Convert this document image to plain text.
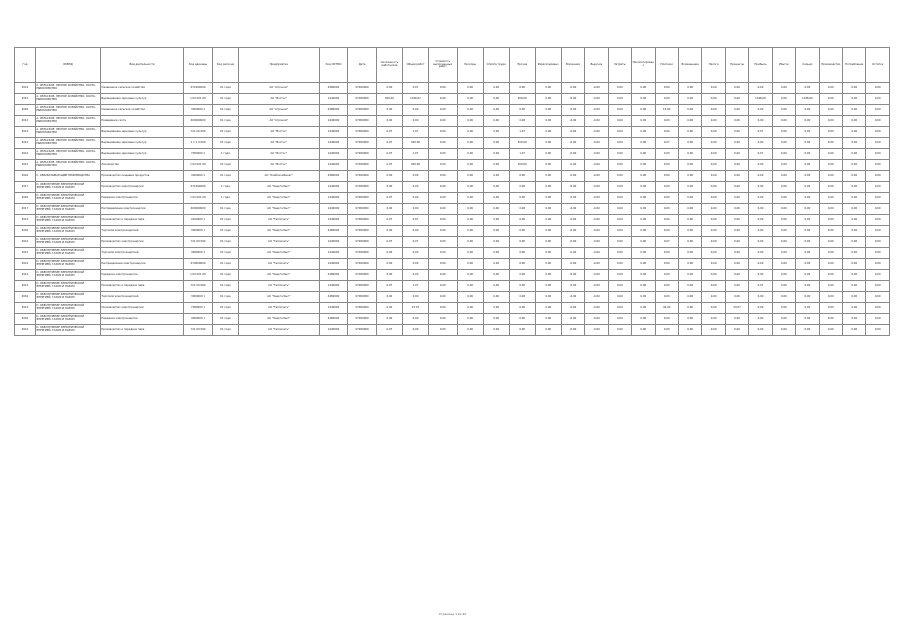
Год	ОКВЭД	Вид деятельности	Код единицы	Код региона	Предприятие	Код ОКТМО	Дата	Численность работников	Объем работ	Стоимость выполненных работ	Расходы	Оплата труда	Прочие	Израсходовано	Вложения	Выручка	Затраты	Пролонгировано	Платежи	Возмещение	Налоги	Проценты	Прибыль	Убыток	Сальдо	Производство	Потребление	Остаток
2014	А. СЕЛЬСКОЕ, ЛЕСНОЕ ХОЗЯЙСТВО, ОХОТА, РЫБОЛОВСТВО	Смешанное сельское хозяйство	071004000	01 года	АО "Агроном"	4480000	07000000	0,00	0,07	0,00	0,00	0,00	0,00	0,00	-0,00	-0,00	0,00	0,00	0,00	0,00	0,00	0,00	0,00	0,00	0,00	0,00	0,00	0,00
2012	А. СЕЛЬСКОЕ, ЛЕСНОЕ ХОЗЯЙСТВО, ОХОТА, РЫБОЛОВСТВО	Выращивание зерновых культур	U12 001 00	01 года	АО "Восток"	1440000	07000000	300,00	1198,07	0,00	0,00	0,00	300,00	0,00	-0,00	-0,00	0,00	0,00	0,00	0,00	0,00	0,00	1198,00	0,00	1198,00	0,00	0,00	0,00
2016	А. СЕЛЬСКОЕ, ЛЕСНОЕ ХОЗЯЙСТВО, ОХОТА, РЫБОЛОВСТВО	Смешанное сельское хозяйство	3004000 1	01 года	АО "Агроном"	4480000	07000000	0,00	0,00	0,00	0,00	0,00	0,00	0,00	-0,00	-0,00	0,00	0,00	15,00	0,00	0,00	0,00	0,00	0,00	0,00	0,00	0,00	0,00
2012	А. СЕЛЬСКОЕ, ЛЕСНОЕ ХОЗЯЙСТВО, ОХОТА, РЫБОЛОВСТВО	Разведение скота	400000000	01 года	АО "Агроном"	1440000	07000000	0,00	0,00	0,00	0,00	0,00	0,00	0,00	-0,00	-0,00	0,00	0,00	0,00	0,00	0,00	0,00	0,00	0,00	0,00	0,00	0,00	0,00
2012	А. СЕЛЬСКОЕ, ЛЕСНОЕ ХОЗЯЙСТВО, ОХОТА, РЫБОЛОВСТВО	Выращивание зерновых культур	Y21 00 000	01 года	АО "Восток"	1440000	07000000	0,07	1,07	0,00	0,00	0,00	1,07	0,00	-0,00	-0,00	0,00	0,00	0,00	0,00	0,00	0,00	0,07	0,00	0,00	0,00	0,00	0,00
2012	А. СЕЛЬСКОЕ, ЛЕСНОЕ ХОЗЯЙСТВО, ОХОТА, РЫБОЛОВСТВО	Выращивание зерновых культур	1 1 1 0 000	01 года	АО "Восток"	1440000	07000000	0,07	300,00	0,00	0,00	0,00	300,00	0,00	-0,00	-0,00	0,00	0,00	0,07	0,00	0,00	0,00	0,00	0,00	0,00	0,00	0,00	0,00
2012	А. СЕЛЬСКОЕ, ЛЕСНОЕ ХОЗЯЙСТВО, ОХОТА, РЫБОЛОВСТВО	Выращивание зерновых культур	7000000 1	1 года	АО "Восток"	1440000	07000000	0,07	1,07	0,00	0,00	0,00	1,07	0,00	-0,00	-0,00	0,00	0,00	0,00	0,00	0,00	0,00	0,07	0,00	0,00	0,00	0,00	0,00
2012	А. СЕЛЬСКОЕ, ЛЕСНОЕ ХОЗЯЙСТВО, ОХОТА, РЫБОЛОВСТВО	Лесоводство	U12 001 00	01 года	АО "Восток"	1440000	07000000	0,07	300,00	0,00	0,00	0,00	300,00	0,00	-0,00	-0,00	0,00	0,00	0,00	0,00	0,00	0,00	0,00	0,00	0,00	0,00	0,00	0,00
2016	С. ОБРАБАТЫВАЮЩИЕ ПРОИЗВОДСТВА	Производство пищевых продуктов	3004000 1	01 года	АО "Хлебокомбинат"	4480000	07000000	0,00	0,00	0,00	0,00	0,00	0,00	0,00	-0,00	-0,00	0,00	0,00	0,00	0,00	0,00	0,00	0,00	0,00	0,00	0,00	0,00	0,00
2017	D. ОБЕСПЕЧЕНИЕ ЭЛЕКТРИЧЕСКОЙ ЭНЕРГИЕЙ, ГАЗОМ И ПАРОМ	Производство электроэнергии	071004000	1 года	АО "Энергосбыт"	1440000	07000000	0,00	0,00	0,00	0,00	0,00	0,00	0,00	-0,00	-0,00	0,00	0,00	0,00	0,00	0,00	0,00	0,00	0,00	0,00	0,00	0,00	0,00
2016	D. ОБЕСПЕЧЕНИЕ ЭЛЕКТРИЧЕСКОЙ ЭНЕРГИЕЙ, ГАЗОМ И ПАРОМ	Передача электроэнергии	U12 001 00	1 года	АО "Энергосбыт"	1440000	07000000	0,07	0,00	0,00	0,00	0,00	0,00	0,00	-0,00	-0,00	0,00	0,00	0,00	0,00	0,00	0,00	0,00	0,00	0,00	0,00	0,00	0,00
2017	D. ОБЕСПЕЧЕНИЕ ЭЛЕКТРИЧЕСКОЙ ЭНЕРГИЕЙ, ГАЗОМ И ПАРОМ	Распределение электроэнергии	400000000	01 года	АО "Энергосбыт"	1440000	07000000	0,00	0,00	0,00	0,00	0,00	0,00	0,00	-0,00	-0,00	0,00	0,00	0,00	0,00	0,00	0,00	0,00	0,00	0,00	0,00	0,00	0,00
2012	D. ОБЕСПЕЧЕНИЕ ЭЛЕКТРИЧЕСКОЙ ЭНЕРГИЕЙ, ГАЗОМ И ПАРОМ	Производство и передача пара	0100000 1	01 года	АО "Теплосеть"	1440000	07000000	0,07	0,07	0,00	0,00	0,00	0,00	0,00	-0,00	-0,00	0,00	0,00	0,00	0,00	0,00	0,00	0,00	0,00	0,00	0,00	0,00	0,00
2016	D. ОБЕСПЕЧЕНИЕ ЭЛЕКТРИЧЕСКОЙ ЭНЕРГИЕЙ, ГАЗОМ И ПАРОМ	Торговля электроэнергией	3004000 1	01 года	АО "Энергосбыт"	4480000	07000000	0,00	0,00	0,00	0,00	0,00	0,00	0,00	-0,00	-0,00	0,00	0,00	0,00	0,00	0,00	0,00	0,00	0,00	0,00	0,00	0,00	0,00
2012	D. ОБЕСПЕЧЕНИЕ ЭЛЕКТРИЧЕСКОЙ ЭНЕРГИЕЙ, ГАЗОМ И ПАРОМ	Производство электроэнергии	Y21 00 000	01 года	АО "Теплосеть"	1440000	07000000	0,07	0,07	0,00	0,00	0,00	0,00	0,00	-0,00	-0,00	0,00	0,00	0,07	0,00	0,00	0,00	0,00	0,00	0,00	0,00	0,00	0,00
2012	D. ОБЕСПЕЧЕНИЕ ЭЛЕКТРИЧЕСКОЙ ЭНЕРГИЕЙ, ГАЗОМ И ПАРОМ	Торговля электроэнергией	4000000 1	01 года	АО "Энергосбыт"	1440000	07000000	0,00	0,00	0,00	0,00	0,00	0,00	0,00	-0,00	-0,00	0,00	0,00	0,00	0,00	0,00	0,00	0,00	0,00	0,00	0,00	0,00	0,00
2012	D. ОБЕСПЕЧЕНИЕ ЭЛЕКТРИЧЕСКОЙ ЭНЕРГИЕЙ, ГАЗОМ И ПАРОМ	Распределение электроэнергии	070000000	01 года	АО "Теплосеть"	1440000	07000000	0,00	0,00	0,00	0,00	0,00	0,00	0,00	-0,00	-0,00	0,00	0,00	0,00	0,00	0,00	0,00	0,00	0,00	0,00	0,00	0,00	0,00
2014	D. ОБЕСПЕЧЕНИЕ ЭЛЕКТРИЧЕСКОЙ ЭНЕРГИЕЙ, ГАЗОМ И ПАРОМ	Передача электроэнергии	U12 001 00	01 года	АО "Энергосбыт"	4480000	07000000	0,00	0,00	0,00	0,00	0,00	0,00	0,00	-0,00	-0,00	0,00	0,00	0,00	0,00	0,00	0,00	0,00	0,00	0,00	0,00	0,00	0,00
2012	D. ОБЕСПЕЧЕНИЕ ЭЛЕКТРИЧЕСКОЙ ЭНЕРГИЕЙ, ГАЗОМ И ПАРОМ	Производство и передача пара	Y21 00 000	01 года	АО "Теплосеть"	1440000	07000000	0,07	1,07	0,00	0,00	0,00	0,00	0,00	-0,00	-0,00	0,00	0,00	0,00	0,00	0,00	0,00	0,07	0,00	0,00	0,00	0,00	0,00
2016	D. ОБЕСПЕЧЕНИЕ ЭЛЕКТРИЧЕСКОЙ ЭНЕРГИЕЙ, ГАЗОМ И ПАРОМ	Торговля электроэнергией	3004000 1	01 года	АО "Энергосбыт"	4480000	07000000	0,00	0,00	0,00	0,00	0,00	0,00	0,00	-0,00	-0,00	0,00	0,00	0,00	0,00	0,00	0,00	0,00	0,00	0,00	0,00	0,00	0,00
2012	D. ОБЕСПЕЧЕНИЕ ЭЛЕКТРИЧЕСКОЙ ЭНЕРГИЕЙ, ГАЗОМ И ПАРОМ	Производство электроэнергии	7000000 1	01 года	АО "Теплосеть"	1440000	07000000	0,00	23,07	0,00	0,00	0,00	0,00	0,00	-0,00	-0,00	0,00	0,00	36,00	0,00	0,00	23,07	0,00	0,00	0,00	0,00	0,00	0,00
2016	D. ОБЕСПЕЧЕНИЕ ЭЛЕКТРИЧЕСКОЙ ЭНЕРГИЕЙ, ГАЗОМ И ПАРОМ	Передача электроэнергии	4000000 1	01 года	АО "Энергосбыт"	4480000	07000000	0,00	0,00	0,00	0,00	0,00	0,00	0,00	-0,00	-0,00	0,00	0,00	0,00	0,00	0,00	0,00	0,00	0,00	0,00	0,00	0,00	0,00
2012	D. ОБЕСПЕЧЕНИЕ ЭЛЕКТРИЧЕСКОЙ ЭНЕРГИЕЙ, ГАЗОМ И ПАРОМ	Производство и передача пара	Y21 00 000	01 года	АО "Теплосеть"	1440000	07000000	0,07	0,00	0,00	0,00	0,00	0,00	0,00	-0,00	-0,00	0,00	0,00	0,00	0,00	0,00	0,00	0,00	0,00	0,00	0,00	0,00	0,00
Страница 1 из 20
